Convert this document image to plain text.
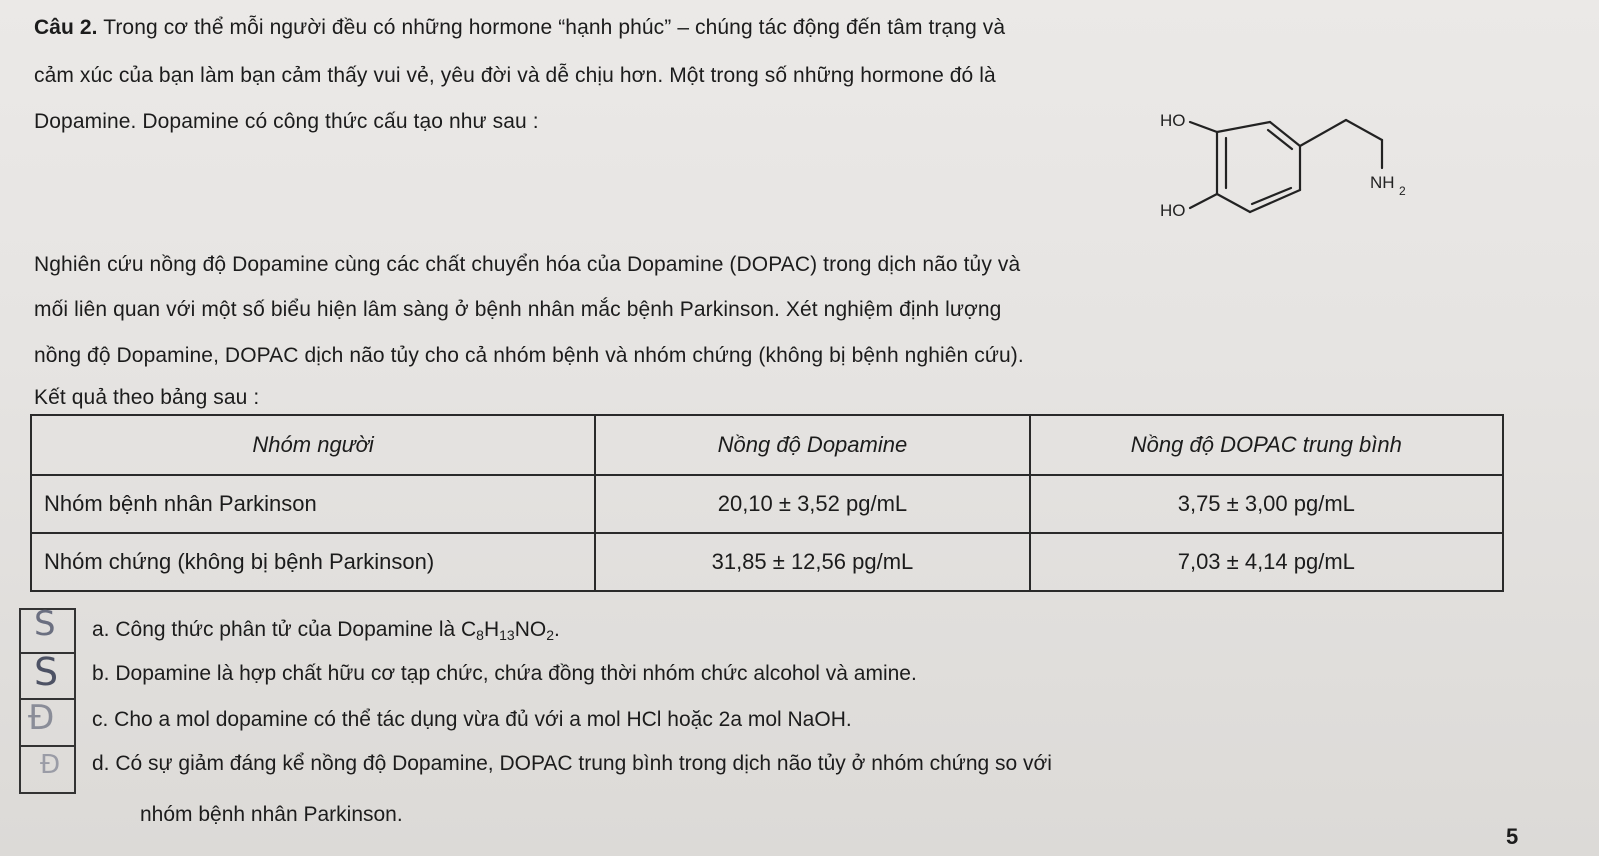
Câu 2. Trong cơ thể mỗi người đều có những hormone “hạnh phúc” – chúng tác động đến tâm trạng và
cảm xúc của bạn làm bạn cảm thấy vui vẻ, yêu đời và dễ chịu hơn. Một trong số những hormone đó là
Dopamine. Dopamine có công thức cấu tạo như sau :	HO
HO
NH 2
Nghiên cứu nồng độ Dopamine cùng các chất chuyển hóa của Dopamine (DOPAC) trong dịch não tủy và
mối liên quan với một số biểu hiện lâm sàng ở bệnh nhân mắc bệnh Parkinson. Xét nghiệm định lượng
nồng độ Dopamine, DOPAC dịch não tủy cho cả nhóm bệnh và nhóm chứng (không bị bệnh nghiên cứu).
Kết quả theo bảng sau :
Nhóm người	Nồng độ Dopamine	Nồng độ DOPAC trung bình
Nhóm bệnh nhân Parkinson	20,10 ± 3,52 pg/mL	3,75 ± 3,00 pg/mL
Nhóm chứng (không bị bệnh Parkinson)	31,85 ± 12,56 pg/mL	7,03 ± 4,14 pg/mL
S
S
Đ
Đ
a. Công thức phân tử của Dopamine là $C_8H_{13}NO_2$.
b. Dopamine là hợp chất hữu cơ tạp chức, chứa đồng thời nhóm chức alcohol và amine.
c. Cho a mol dopamine có thể tác dụng vừa đủ với a mol HCl hoặc 2a mol NaOH.
d. Có sự giảm đáng kể nồng độ Dopamine, DOPAC trung bình trong dịch não tủy ở nhóm chứng so với
nhóm bệnh nhân Parkinson.
5
